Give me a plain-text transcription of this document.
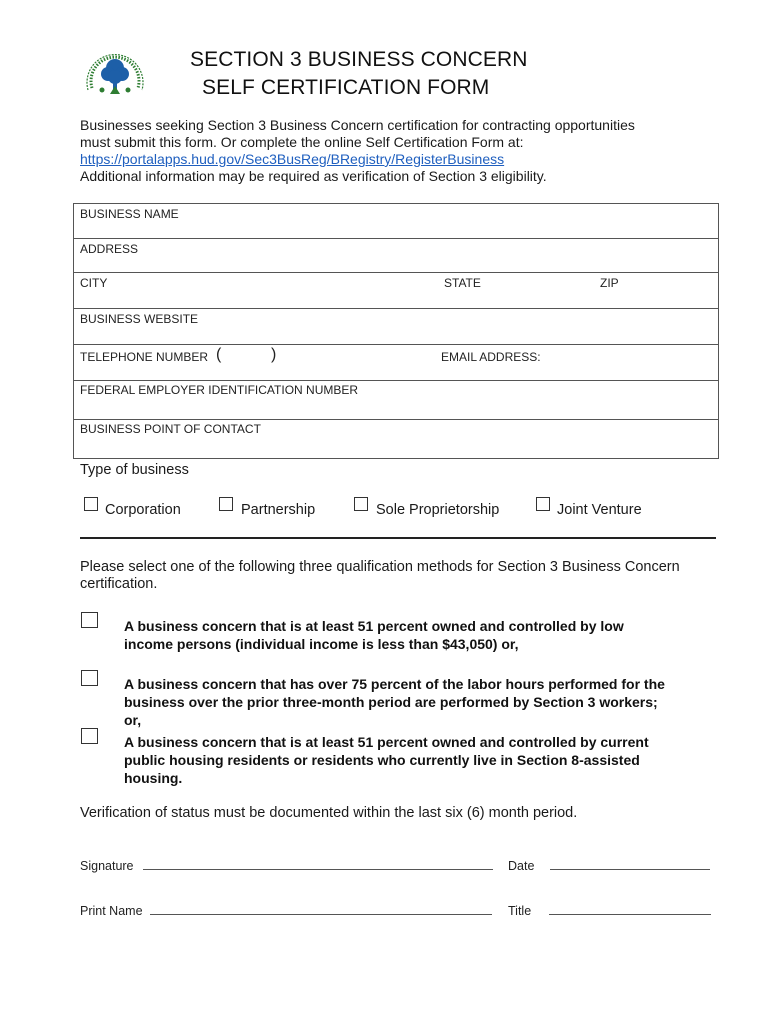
SECTION 3 BUSINESS CONCERN
SELF CERTIFICATION FORM
Businesses seeking Section 3 Business Concern certification for contracting opportunities
must submit this form. Or complete the online Self Certification Form at:
https://portalapps.hud.gov/Sec3BusReg/BRegistry/RegisterBusiness
Additional information may be required as verification of Section 3 eligibility.
BUSINESS NAME
ADDRESS
CITY	STATE	ZIP
BUSINESS WEBSITE
TELEPHONE NUMBER (	)	EMAIL ADDRESS:
FEDERAL EMPLOYER IDENTIFICATION NUMBER
BUSINESS POINT OF CONTACT
Type of business
Corporation	Partnership	Sole Proprietorship	Joint Venture
Please select one of the following three qualification methods for Section 3 Business Concern
certification.
A business concern that is at least 51 percent owned and controlled by low
income persons (individual income is less than $43,050) or,
A business concern that has over 75 percent of the labor hours performed for the
business over the prior three-month period are performed by Section 3 workers;
or,
A business concern that is at least 51 percent owned and controlled by current
public housing residents or residents who currently live in Section 8-assisted
housing.
Verification of status must be documented within the last six (6) month period.
Signature	Date
Print Name	Title
